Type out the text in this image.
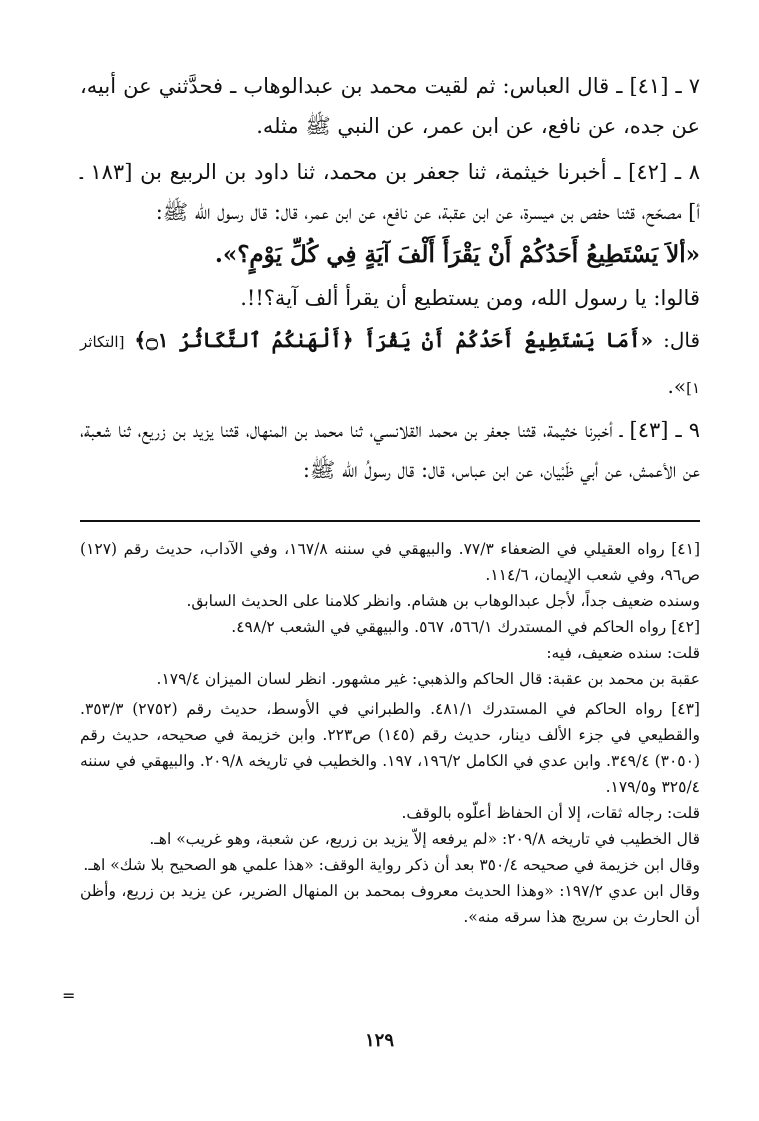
٧ ـ [٤١] ـ قال العباس: ثم لقيت محمد بن عبدالوهاب ـ فحدَّثني عن أبيه، عن جده، عن نافع، عن ابن عمر، عن النبي ﷺ مثله.

٨ ـ [٤٢] ـ أخبرنا خيثمة، ثنا جعفر بن محمد، ثنا داود بن الربيع بن [١٨٣ ـ أ] مصحّح، قثنا حفص بن ميسرة، عن ابن عقبة، عن نافع، عن ابن عمر، قال: قال رسول الله ﷺ:

«ألاَ يَسْتَطِيعُ أَحَدُكُمْ أَنْ يَقْرَأَ أَلْفَ آيَةٍ فِي كُلِّ يَوْمٍ؟».

قالوا: يا رسول الله، ومن يستطيع أن يقرأ ألف آية؟!!.

قال: «أَمَا يَسْتَطِيعُ أَحَدُكُمْ أَنْ يَقْرَأَ ﴿أَلْهَىٰكُمُ ٱلتَّكَاثُرُ ۝١﴾ [التكاثر ١]».

٩ ـ [٤٣] ـ أخبرنا خثيمة، قثنا جعفر بن محمد القلانسي، ثنا محمد بن المنهال، قثنا يزيد بن زريع، ثنا شعبة، عن الأعمش، عن أبي ظَبْيان، عن ابن عباس، قال: قال رسولُ الله ﷺ:

[٤١] رواه العقيلي في الضعفاء ٧٧/٣. والبيهقي في سننه ١٦٧/٨، وفي الآداب، حديث رقم (١٢٧) ص٩٦، وفي شعب الإيمان، ١١٤/٦.

وسنده ضعيف جداً، لأجل عبدالوهاب بن هشام. وانظر كلامنا على الحديث السابق.

[٤٢] رواه الحاكم في المستدرك ٥٦٦/١، ٥٦٧. والبيهقي في الشعب ٤٩٨/٢.

قلت: سنده ضعيف، فيه:

عقبة بن محمد بن عقبة: قال الحاكم والذهبي: غير مشهور. انظر لسان الميزان ١٧٩/٤.

[٤٣] رواه الحاكم في المستدرك ٤٨١/١. والطبراني في الأوسط، حديث رقم (٢٧٥٢) ٣٥٣/٣. والقطيعي في جزء الألف دينار، حديث رقم (١٤٥) ص٢٢٣. وابن خزيمة في صحيحه، حديث رقم (٣٠٥٠) ٣٤٩/٤. وابن عدي في الكامل ١٩٦/٢، ١٩٧. والخطيب في تاريخه ٢٠٩/٨. والبيهقي في سننه ٣٢٥/٤ و١٧٩/٥.

قلت: رجاله ثقات، إلا أن الحفاظ أعلّوه بالوقف.

قال الخطيب في تاريخه ٢٠٩/٨: «لم يرفعه إلاّ يزيد بن زريع، عن شعبة، وهو غريب» اهـ.

وقال ابن خزيمة في صحيحه ٣٥٠/٤ بعد أن ذكر رواية الوقف: «هذا علمي هو الصحيح بلا شك» اهـ.

وقال ابن عدي ١٩٧/٢: «وهذا الحديث معروف بمحمد بن المنهال الضرير، عن يزيد بن زريع، وأظن أن الحارث بن سريج هذا سرقه منه».

=
١٢٩
